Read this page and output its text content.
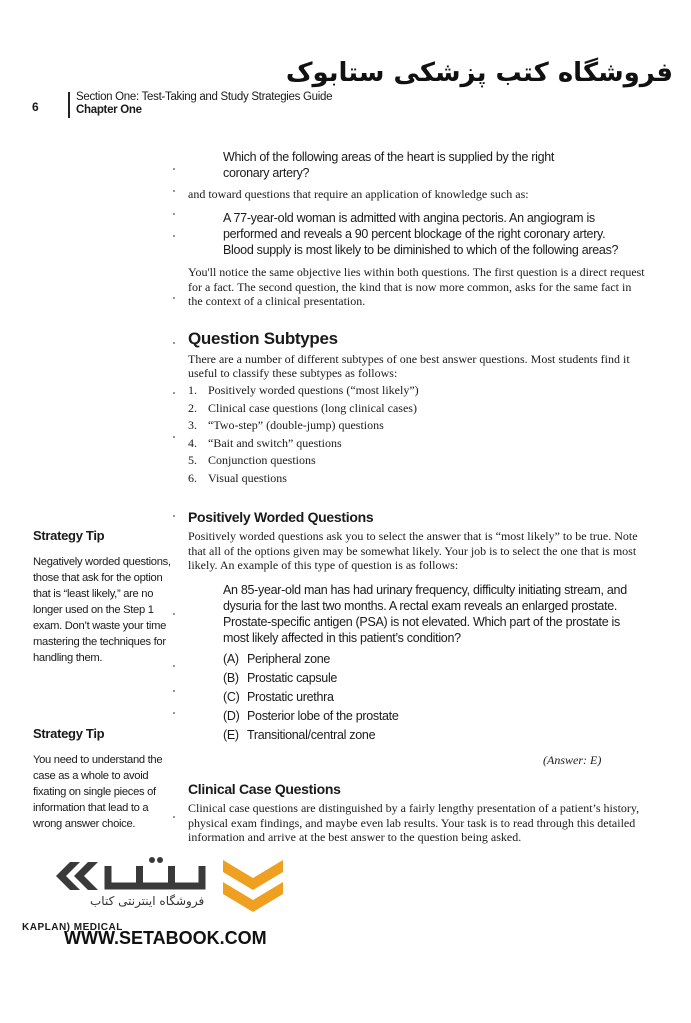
فروشگاه کتب پزشکی ستابوک
6
Section One: Test-Taking and Study Strategies Guide
Chapter One
Which of the following areas of the heart is supplied by the right
coronary artery?
and toward questions that require an application of knowledge such as:
A 77-year-old woman is admitted with angina pectoris. An angiogram is
performed and reveals a 90 percent blockage of the right coronary artery.
Blood supply is most likely to be diminished to which of the following areas?
You'll notice the same objective lies within both questions. The first question is a direct request
for a fact. The second question, the kind that is now more common, asks for the same fact in
the context of a clinical presentation.
Question Subtypes
There are a number of different subtypes of one best answer questions. Most students find it
useful to classify these subtypes as follows:
1. Positively worded questions (“most likely”)
2. Clinical case questions (long clinical cases)
3. “Two-step” (double-jump) questions
4. “Bait and switch” questions
5. Conjunction questions
6. Visual questions
Positively Worded Questions
Positively worded questions ask you to select the answer that is “most likely” to be true. Note
that all of the options given may be somewhat likely. Your job is to select the one that is most
likely. An example of this type of question is as follows:
An 85-year-old man has had urinary frequency, difficulty initiating stream, and
dysuria for the last two months. A rectal exam reveals an enlarged prostate.
Prostate-specific antigen (PSA) is not elevated. Which part of the prostate is
most likely affected in this patient’s condition?
(A) Peripheral zone
(B) Prostatic capsule
(C) Prostatic urethra
(D) Posterior lobe of the prostate
(E) Transitional/central zone
(Answer: E)
Clinical Case Questions
Clinical case questions are distinguished by a fairly lengthy presentation of a patient’s history,
physical exam findings, and maybe even lab results. Your task is to read through this detailed
information and arrive at the best answer to the question being asked.
Strategy Tip
Negatively worded questions,
those that ask for the option
that is “least likely,” are no
longer used on the Step 1
exam. Don’t waste your time
mastering the techniques for
handling them.
Strategy Tip
You need to understand the
case as a whole to avoid
fixating on single pieces of
information that lead to a
wrong answer choice.
فروشگاه اینترنتی کتاب
KAPLAN) MEDICAL
WWW.SETABOOK.COM
